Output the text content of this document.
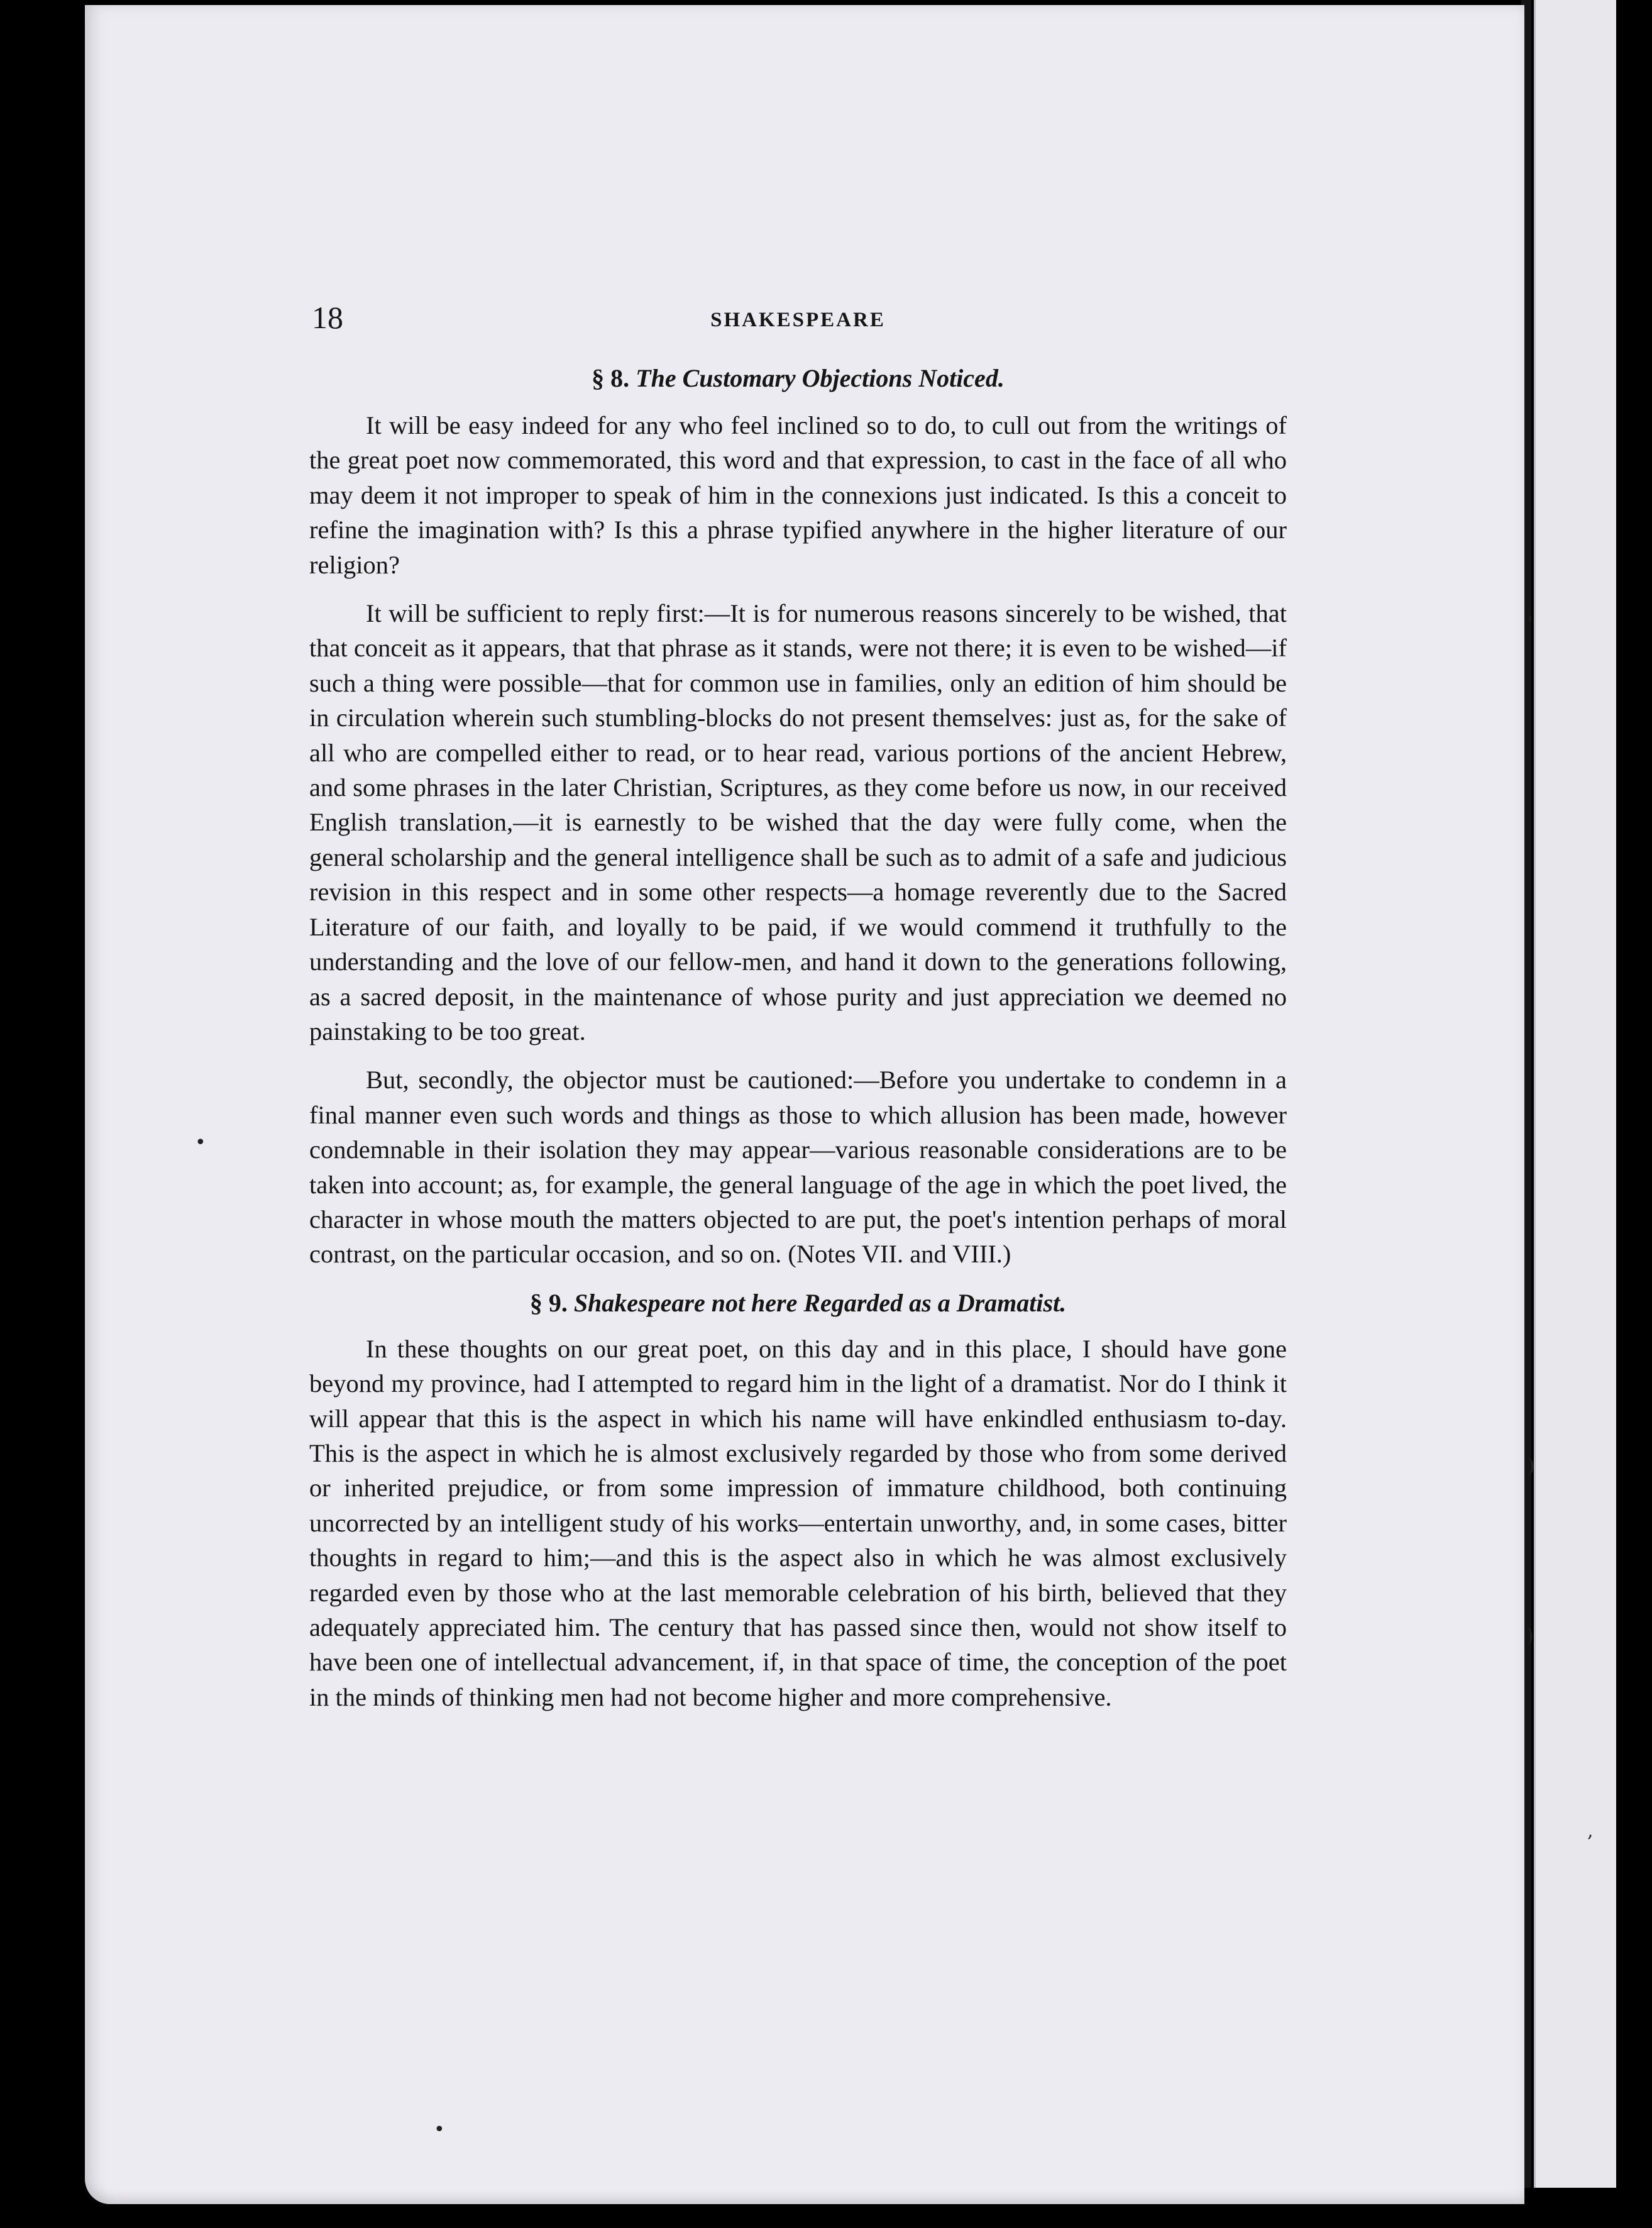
'
)
)
,
•
•
18	SHAKESPEARE
§ 8. The Customary Objections Noticed.

It will be easy indeed for any who feel inclined so to do, to cull out from the writings of the great poet now commemorated, this word and that expression, to cast in the face of all who may deem it not improper to speak of him in the connexions just indicated. Is this a conceit to refine the imagination with? Is this a phrase typified anywhere in the higher literature of our religion?

It will be sufficient to reply first:—It is for numerous reasons sincerely to be wished, that that conceit as it appears, that that phrase as it stands, were not there; it is even to be wished—if such a thing were possible—that for common use in families, only an edition of him should be in circulation wherein such stumbling-blocks do not present themselves: just as, for the sake of all who are compelled either to read, or to hear read, various portions of the ancient Hebrew, and some phrases in the later Christian, Scriptures, as they come before us now, in our received English translation,—it is earnestly to be wished that the day were fully come, when the general scholarship and the general intelligence shall be such as to admit of a safe and judicious revision in this respect and in some other respects—a homage reverently due to the Sacred Literature of our faith, and loyally to be paid, if we would commend it truthfully to the understanding and the love of our fellow-men, and hand it down to the generations following, as a sacred deposit, in the maintenance of whose purity and just appreciation we deemed no painstaking to be too great.

But, secondly, the objector must be cautioned:—Before you undertake to condemn in a final manner even such words and things as those to which allusion has been made, however condemnable in their isolation they may appear—various reasonable considerations are to be taken into account; as, for example, the general language of the age in which the poet lived, the character in whose mouth the matters objected to are put, the poet's intention perhaps of moral contrast, on the particular occasion, and so on. (Notes VII. and VIII.)

§ 9. Shakespeare not here Regarded as a Dramatist.

In these thoughts on our great poet, on this day and in this place, I should have gone beyond my province, had I attempted to regard him in the light of a dramatist. Nor do I think it will appear that this is the aspect in which his name will have enkindled enthusiasm to-day. This is the aspect in which he is almost exclusively regarded by those who from some derived or inherited prejudice, or from some impression of immature childhood, both continuing uncorrected by an intelligent study of his works—entertain unworthy, and, in some cases, bitter thoughts in regard to him;—and this is the aspect also in which he was almost exclusively regarded even by those who at the last memorable celebration of his birth, believed that they adequately appreciated him. The century that has passed since then, would not show itself to have been one of intellectual advancement, if, in that space of time, the conception of the poet in the minds of thinking men had not become higher and more comprehensive.
